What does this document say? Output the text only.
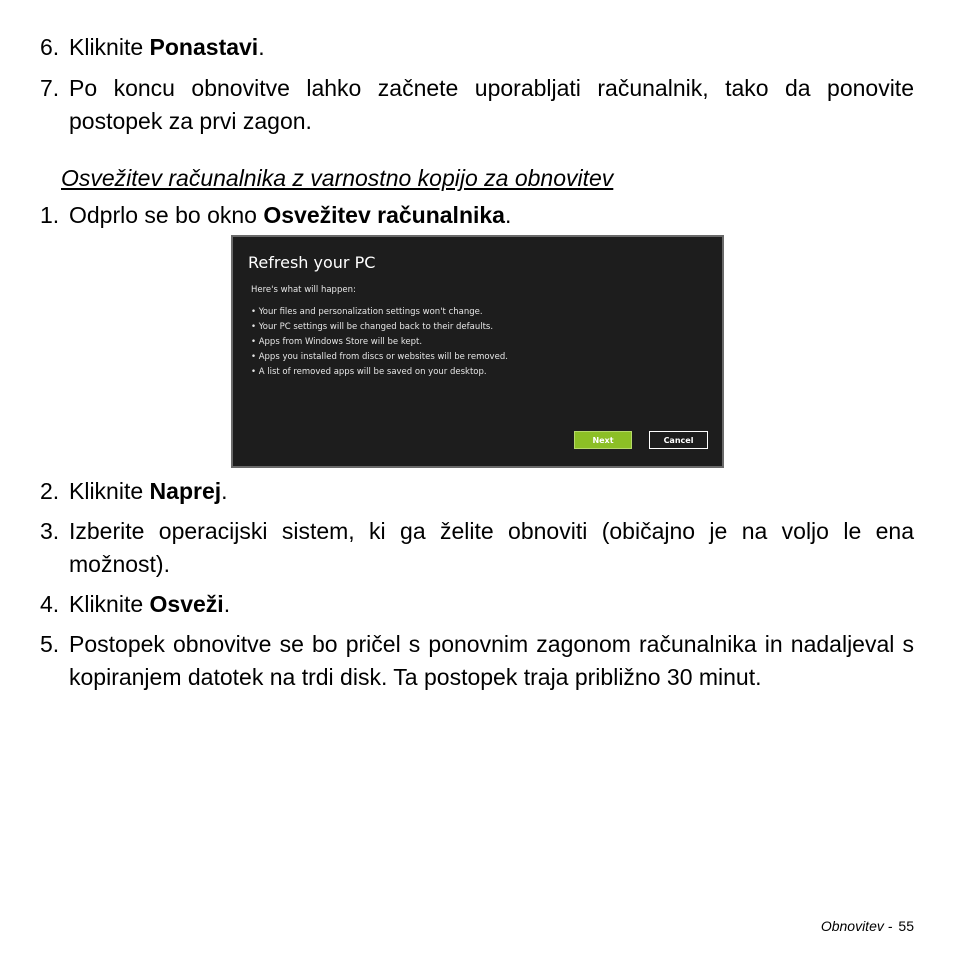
6. Kliknite Ponastavi.
7. Po koncu obnovitve lahko začnete uporabljati računalnik, tako da ponovite postopek za prvi zagon.
Osvežitev računalnika z varnostno kopijo za obnovitev
1. Odprlo se bo okno Osvežitev računalnika.
Refresh your PC
Here's what will happen:
• Your files and personalization settings won't change.
• Your PC settings will be changed back to their defaults.
• Apps from Windows Store will be kept.
• Apps you installed from discs or websites will be removed.
• A list of removed apps will be saved on your desktop.
Next	Cancel
2. Kliknite Naprej.
3. Izberite operacijski sistem, ki ga želite obnoviti (običajno je na voljo le ena možnost).
4. Kliknite Osveži.
5. Postopek obnovitve se bo pričel s ponovnim zagonom računalnika in nadaljeval s kopiranjem datotek na trdi disk. Ta postopek traja približno 30 minut.
Obnovitev - 55
